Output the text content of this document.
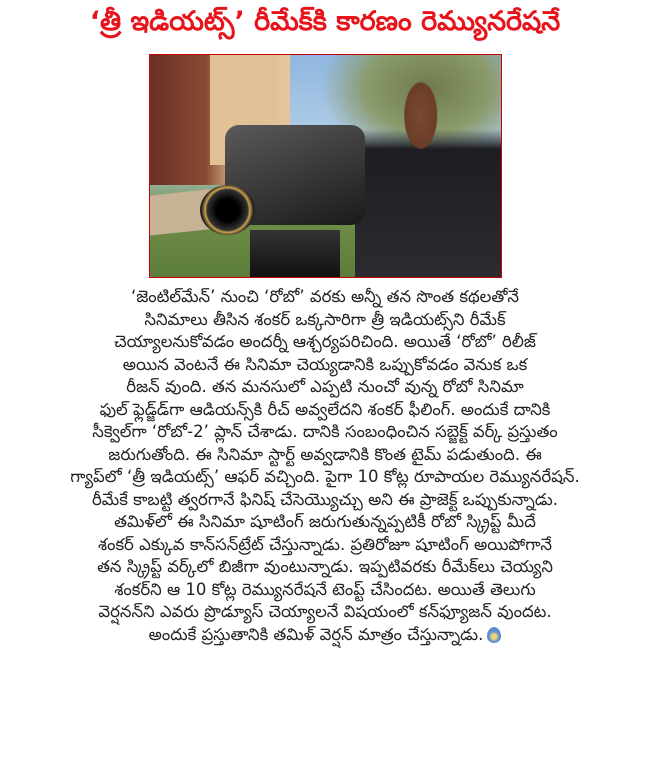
‘త్రీ ఇడియట్స్’ రీమేక్‌కి కారణం రెమ్యునరేషనే
‘జెంటిల్‌మేన్’ నుంచి ‘రోబో’ వరకు అన్నీ తన సొంత కథలతోనే
సినిమాలు తీసిన శంకర్ ఒక్కసారిగా త్రీ ఇడియట్స్‌ని రీమేక్
చెయ్యాలనుకోవడం అందర్నీ ఆశ్చర్యపరిచింది. అయితే ‘రోబో’ రిలీజ్
అయిన వెంటనే ఈ సినిమా చెయ్యడానికి ఒప్పుకోవడం వెనుక ఒక
రీజన్ వుంది. తన మనసులో ఎప్పటి నుంచో వున్న రోబో సినిమా
ఫుల్ ఫ్లెడ్జ్‌డ్‌గా ఆడియన్స్‌కి రీచ్ అవ్వలేదని శంకర్ ఫీలింగ్. అందుకే దానికి
సీక్వెల్‌గా ‘రోబో-2’ ప్లాన్ చేశాడు. దానికి సంబంధించిన సబ్జెక్ట్ వర్క్ ప్రస్తుతం
జరుగుతోంది. ఈ సినిమా స్టార్ట్ అవ్వడానికి కొంత టైమ్ పడుతుంది. ఈ
గ్యాప్‌లో ‘త్రీ ఇడియట్స్’ ఆఫర్ వచ్చింది. పైగా 10 కోట్ల రూపాయల రెమ్యునరేషన్.
రీమేకే కాబట్టి త్వరగానే ఫినిష్ చేసెయ్యొచ్చు అని ఈ ప్రాజెక్ట్ ఒప్పుకున్నాడు.
తమిళ్‌లో ఈ సినిమా షూటింగ్ జరుగుతున్నప్పటికీ రోబో స్క్రిప్ట్ మీదే
శంకర్ ఎక్కువ కాన్‌సన్‌ట్రేట్ చేస్తున్నాడు. ప్రతిరోజూ షూటింగ్ అయిపోగానే
తన స్క్రిప్ట్ వర్క్‌లో బిజీగా వుంటున్నాడు. ఇప్పటివరకు రీమేక్‌లు చెయ్యని
శంకర్‌ని ఆ 10 కోట్ల రెమ్యునరేషనే టెంప్ట్ చేసిందట. అయితే తెలుగు
వెర్షనన్‌ని ఎవరు ప్రొడ్యూస్ చెయ్యాలనే విషయంలో కన్‌ఫ్యూజన్ వుందట.
అందుకే ప్రస్తుతానికి తమిళ్ వెర్షన్ మాత్రం చేస్తున్నాడు.
